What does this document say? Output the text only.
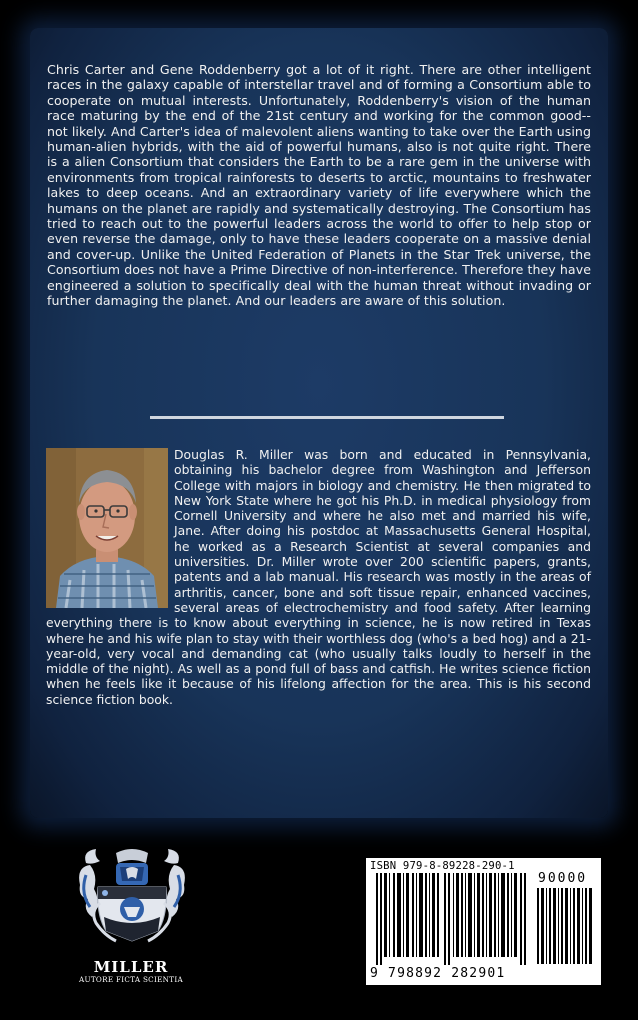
Chris Carter and Gene Roddenberry got a lot of it right. There are other intelligent races in the galaxy capable of interstellar travel and of forming a Consortium able to cooperate on mutual interests. Unfortunately, Roddenberry's vision of the human race maturing by the end of the 21st century and working for the common good-- not likely. And Carter's idea of malevolent aliens wanting to take over the Earth using human-alien hybrids, with the aid of powerful humans, also is not quite right. There is a alien Consortium that considers the Earth to be a rare gem in the universe with environments from tropical rainforests to deserts to arctic, mountains to freshwater lakes to deep oceans. And an extraordinary variety of life everywhere which the humans on the planet are rapidly and systematically destroying. The Consortium has tried to reach out to the powerful leaders across the world to offer to help stop or even reverse the damage, only to have these leaders cooperate on a massive denial and cover-up. Unlike the United Federation of Planets in the Star Trek universe, the Consortium does not have a Prime Directive of non-interference. Therefore they have engineered a solution to specifically deal with the human threat without invading or further damaging the planet. And our leaders are aware of this solution.

Douglas R. Miller was born and educated in Pennsylvania, obtaining his bachelor degree from Washington and Jefferson College with majors in biology and chemistry. He then migrated to New York State where he got his Ph.D. in medical physiology from Cornell University and where he also met and married his wife, Jane. After doing his postdoc at Massachusetts General Hospital, he worked as a Research Scientist at several companies and universities. Dr. Miller wrote over 200 scientific papers, grants, patents and a lab manual. His research was mostly in the areas of arthritis, cancer, bone and soft tissue repair, enhanced vaccines, several areas of electrochemistry and food safety. After learning everything there is to know about everything in science, he is now retired in Texas where he and his wife plan to stay with their worthless dog (who's a bed hog) and a 21-year-old, very vocal and demanding cat (who usually talks loudly to herself in the middle of the night). As well as a pond full of bass and catfish. He writes science fiction when he feels like it because of his lifelong affection for the area. This is his second science fiction book.

MILLER
AUTORE FICTA SCIENTIA
ISBN 979-8-89228-290-1
90000
9 798892 282901
